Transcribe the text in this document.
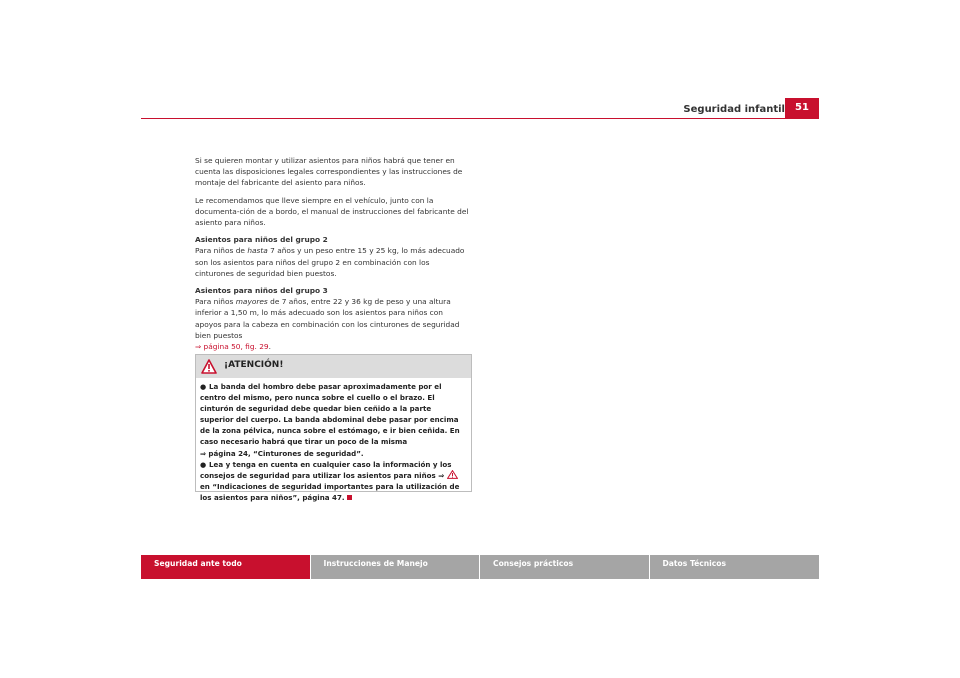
Seguridad infantil	51

Si se quieren montar y utilizar asientos para niños habrá que tener en cuenta las disposiciones legales correspondientes y las instrucciones de montaje del fabricante del asiento para niños.

Le recomendamos que lleve siempre en el vehículo, junto con la documenta-ción de a bordo, el manual de instrucciones del fabricante del asiento para niños.

Asientos para niños del grupo 2

Para niños de hasta 7 años y un peso entre 15 y 25 kg, lo más adecuado son los asientos para niños del grupo 2 en combinación con los cinturones de seguridad bien puestos.

Asientos para niños del grupo 3

Para niños mayores de 7 años, entre 22 y 36 kg de peso y una altura inferior a 1,50 m, lo más adecuado son los asientos para niños con apoyos para la cabeza en combinación con los cinturones de seguridad bien puestos
⇒ página 50, fig. 29.

¡ATENCIÓN!

● La banda del hombro debe pasar aproximadamente por el centro del mismo, pero nunca sobre el cuello o el brazo. El cinturón de seguridad debe quedar bien ceñido a la parte superior del cuerpo. La banda abdominal debe pasar por encima de la zona pélvica, nunca sobre el estómago, e ir bien ceñida. En caso necesario habrá que tirar un poco de la misma
⇒ página 24, “Cinturones de seguridad”.

● Lea y tenga en cuenta en cualquier caso la información y los consejos de seguridad para utilizar los asientos para niños ⇒  en “Indicaciones de seguridad importantes para la utilización de los asientos para niños”, página 47.

Seguridad ante todo	Instrucciones de Manejo	Consejos prácticos	Datos Técnicos
